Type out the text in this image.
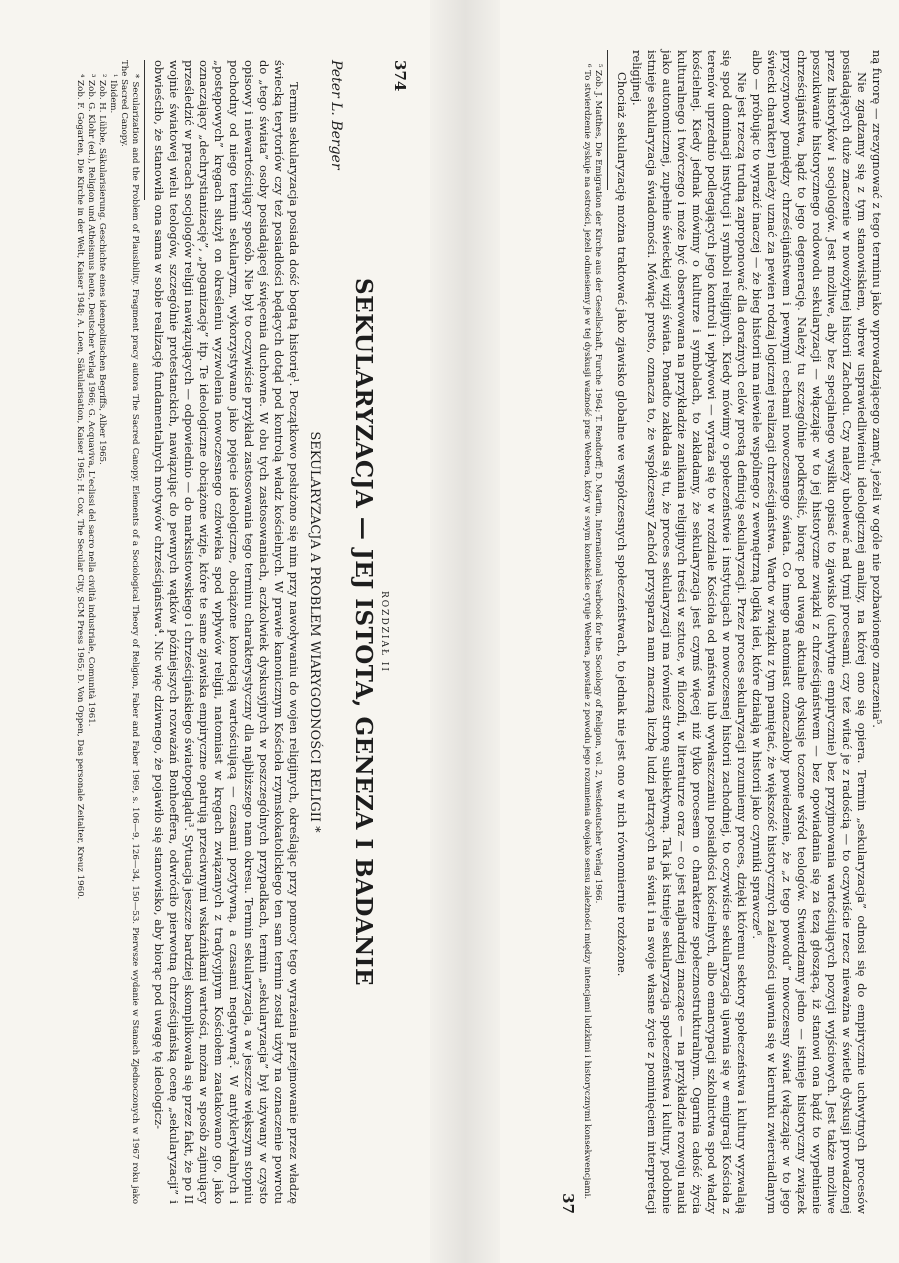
374
ROZDZIAŁ II
SEKULARYZACJA — JEJ ISTOTA, GENEZA I BADANIE
Peter L. Berger
SEKULARYZACJA A PROBLEM WIARYGODNOŚCI RELIGII *

Termin sekularyzacja posiada dość bogatą historię¹. Początkowo posłużono się nim przy nawoływaniu do wojen religijnych, określając przy pomocy tego wyrażenia przejmowanie przez władzę świecką terytoriów czy też posiadłości będących dotąd pod kontrolą władz kościelnych. W prawie kanonicznym Kościoła rzymskokatolickiego ten sam termin został użyty na oznaczenie powrotu do „tego świata” osoby posiadającej święcenia duchowne. W obu tych zastosowaniach, aczkolwiek dyskusyjnych w poszczególnych przypadkach, termin „sekularyzacja” był używany w czysto opisowy i niewartościujący sposób. Nie był to oczywiście przykład zastosowania tego terminu charakterystyczny dla najbliższego nam okresu. Termin sekularyzacja, a w jeszcze większym stopniu pochodny od niego termin sekularyzm, wykorzystywano jako pojęcie ideologiczne, obciążone konotacją wartościującą — czasami pozytywną, a czasami negatywną². W antyklerykalnych i „postępowych” kręgach służył on określeniu wyzwolenia nowoczesnego człowieka spod wpływów religii, natomiast w kręgach związanych z tradycyjnym Kościołem zaatakowano go, jako oznaczający „dechrystianizację”, „poganizację” itp. Te ideologiczne obciążone wizje, które te same zjawiska empiryczne opatrują przeciwnymi wskaźnikami wartości, można w sposób zajmujący prześledzić w pracach socjologów religii nawiązujących — odpowiednio — do marksistowskiego i chrześcijańskiego światopoglądu³. Sytuacja jeszcze bardziej skomplikowała się przez fakt, że po II wojnie światowej wielu teologów, szczególnie protestanckich, nawiązując do pewnych wątków późniejszych rozważań Bonhoeffera, odwróciło pierwotną chrześcijańską ocenę „sekularyzacji” i obwieściło, że stanowiła ona sama w sobie realizację fundamentalnych motywów chrześcijaństwa⁴. Nic więc dziwnego, że pojawiło się stanowisko, aby biorąc pod uwagę tę ideologicz-

* Secularization and the Problem of Plausibility. Fragment pracy autora The Sacred Canopy. Elements of a Sociological Theory of Religion, Faber and Faber 1969, s. 106—9, 126—34, 150—53. Pierwsze wydanie w Stanach Zjednoczonych w 1967 roku jako The Sacred Canopy.

¹ Ibidem.

² Zob. H. Lübbe, Säkularisierung. Geschichte eines ideenpolitischen Begriffs, Alber 1965.

³ Zob. G. Klohr (ed.), Religion und Atheismus heute, Deutscher Verlag 1966; G. Acquaviva, L'eclissi del sacro nella civiltà industriale, Comunità 1961.

⁴ Zob. F. Gogarten, Die Kirche in der Welt, Kaiser 1948; A. Loen, Säkularisation, Kaiser 1965; H. Cox, The Secular City, SCM Press 1965; D. Von Oppen, Das personale Zeitalter, Kreuz 1960.	ną furorę — zrezygnować z tego terminu jako wprowadzającego zamęt, jeżeli w ogóle nie pozbawionego znaczenia⁵.

Nie zgadzamy się z tym stanowiskiem, wbrew usprawiedliwieniu ideologicznej analizy, na której ono się opiera. Termin „sekularyzacja” odnosi się do empirycznie uchwytnych procesów posiadających duże znaczenie w nowożytnej historii Zachodu. Czy należy ubolewać nad tymi procesami, czy też witać je z radością — to oczywiście rzecz nieważna w świetle dyskusji prowadzonej przez historyków i socjologów. Jest możliwe, aby bez specjalnego wysiłku opisać to zjawisko (uchwytne empirycznie) bez przyjmowania wartościujących pozycji wyjściowych. Jest także możliwe poszukiwanie historycznego rodowodu sekularyzacji — włączając w to jej historyczne związki z chrześcijaństwem — bez opowiadania się za tezą głoszącą, iż stanowi ona bądź to wypełnienie chrześcijaństwa, bądź to jego degenerację. Należy tu szczególnie podkreślić, biorąc pod uwagę aktualne dyskusje toczone wśród teologów. Stwierdzamy jedno — istnieje historyczny związek przyczynowy pomiędzy chrześcijaństwem i pewnymi cechami nowoczesnego świata. Co innego natomiast oznaczałoby powiedzenie, że „z tego powodu” nowoczesny świat (włączając w to jego świecki charakter) należy uznać za pewien rodzaj logicznej realizacji chrześcijaństwa. Warto w związku z tym pamiętać, że większość historycznych zależności ujawnia się w kierunku zwierciadlanym albo — próbując to wyrazić inaczej — że bieg historii ma niewiele wspólnego z wewnętrzną logiką idei, które działają w historii jako czynniki sprawcze⁶.

Nie jest rzeczą trudną zaproponować dla doraźnych celów prostą definicję sekularyzacji. Przez proces sekularyzacji rozumiemy proces, dzięki któremu sektory społeczeństwa i kultury wyzwalają się spod dominacji instytucji i symboli religijnych. Kiedy mówimy o społeczeństwie i instytucjach w nowoczesnej historii zachodniej, to oczywiście sekularyzacja ujawnia się w emigracji Kościoła z terenów uprzednio podlegających jego kontroli i wpływowi — wyraża się to w rozdziale Kościoła od państwa lub wywłaszczaniu posiadłości kościelnych, albo emancypacji szkolnictwa spod władzy kościelnej. Kiedy jednak mówimy o kulturze i symbolach, to zakładamy, że sekularyzacja jest czymś więcej niż tylko procesem o charakterze społecznostrukturalnym. Ogarnia całość życia kulturalnego i twórczego i może być obserwowana na przykładzie zanikania religijnych treści w sztuce, w filozofii, w literaturze oraz — co jest najbardziej znaczące — na przykładzie rozwoju nauki jako autonomicznej, zupełnie świeckiej wizji świata. Ponadto zakłada się tu, że proces sekularyzacji ma również stronę subiektywną. Tak jak istnieje sekularyzacja społeczeństwa i kultury, podobnie istnieje sekularyzacja świadomości. Mówiąc prosto, oznacza to, że współczesny Zachód przysparza nam znaczną liczbę ludzi patrzących na świat i na swoje własne życie z pominięciem interpretacji religijnej.

Chociaż sekularyzację można traktować jako zjawisko globalne we współczesnych społeczeństwach, to jednak nie jest ono w nich równomiernie rozłożone.

⁵ Zob. J. Matthes, Die Emigration der Kirche aus der Gesellschaft, Furche 1964; T. Rendtorff; D. Martin, International Yearbook for the Sociology of Religion, vol. 2, Westdeutscher Verlag 1966.

⁶ To stwierdzenie zyskuje na ostrości, jeżeli odniesiemy je w tej dyskusji ważność prac Webera, który w swym kontekście cytuje Webera, powstałe z powodu jego rozumienia dwojako sensu zależności między intencjami ludzkimi i historycznymi konsekwencjami.

37
